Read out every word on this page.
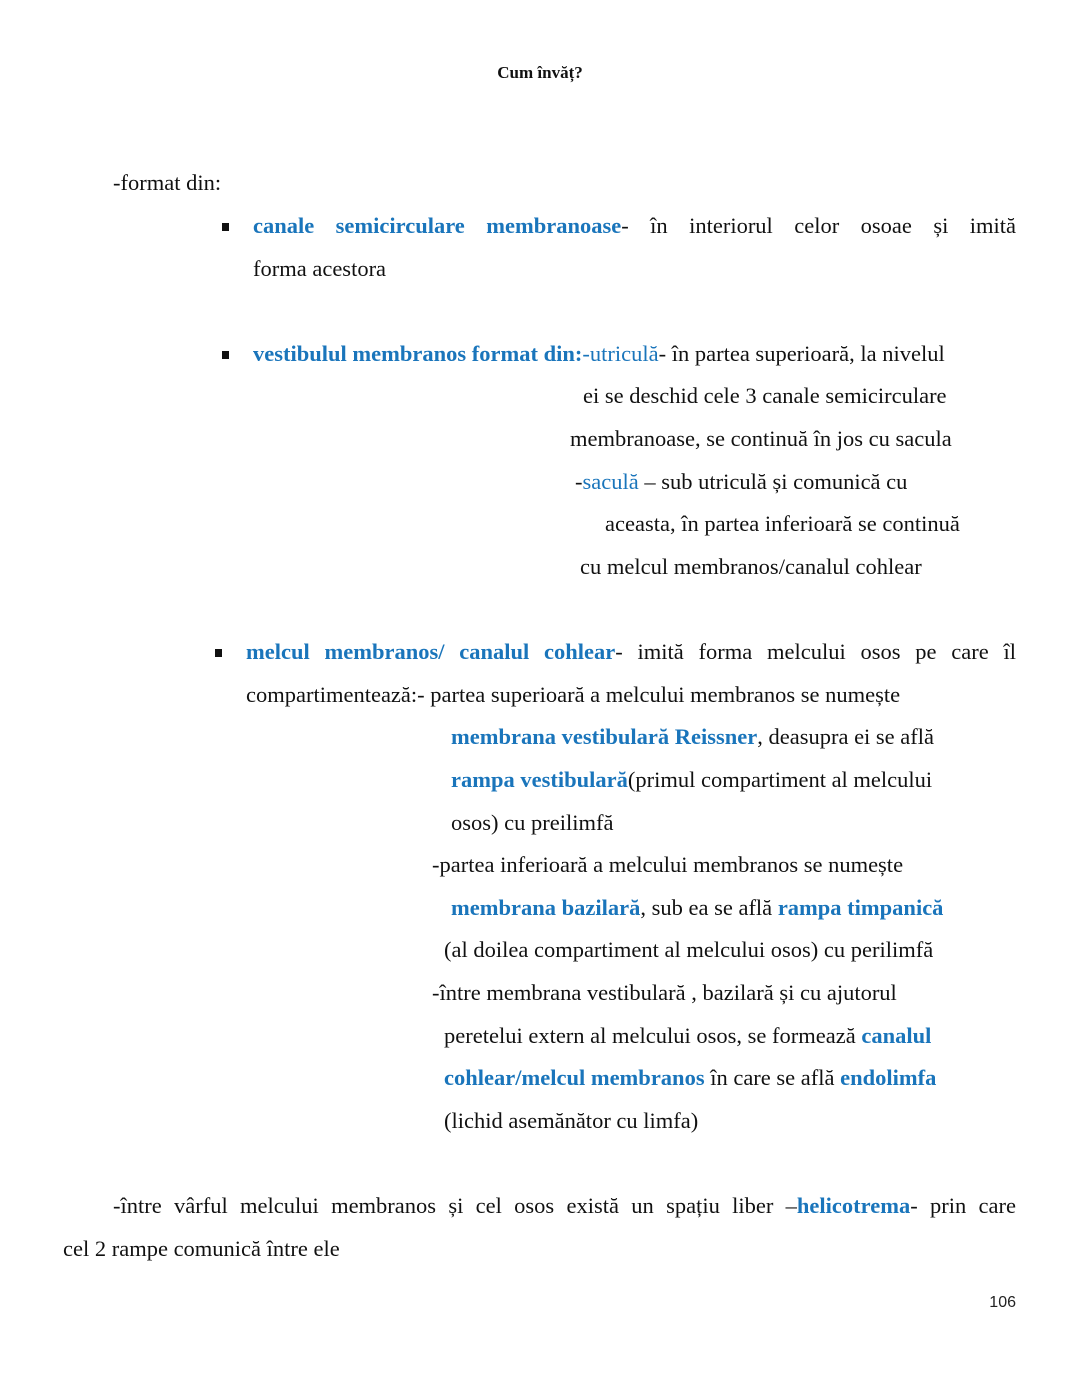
Cum învăț?
-format din:
canale semicirculare membranoase- în interiorul celor osoae și imită
forma acestora
vestibulul membranos format din:-utriculă- în partea superioară, la nivelul
ei se deschid cele 3 canale semicirculare
membranoase, se continuă în jos cu sacula
-saculă – sub utriculă și comunică cu
aceasta, în partea inferioară se continuă
cu melcul membranos/canalul cohlear
melcul membranos/ canalul cohlear- imită forma melcului osos pe care îl
compartimentează:- partea superioară a melcului membranos se numește
membrana vestibulară Reissner, deasupra ei se află
rampa vestibulară(primul compartiment al melcului
osos) cu preilimfă
-partea inferioară a melcului membranos se numește
membrana bazilară, sub ea se află rampa timpanică
(al doilea compartiment al melcului osos) cu perilimfă
-între membrana vestibulară , bazilară și cu ajutorul
peretelui extern al melcului osos, se formează canalul
cohlear/melcul membranos în care se află endolimfa
(lichid asemănător cu limfa)
-între vârful melcului membranos și cel osos există un spațiu liber –helicotrema- prin care
cel 2 rampe comunică între ele
106
